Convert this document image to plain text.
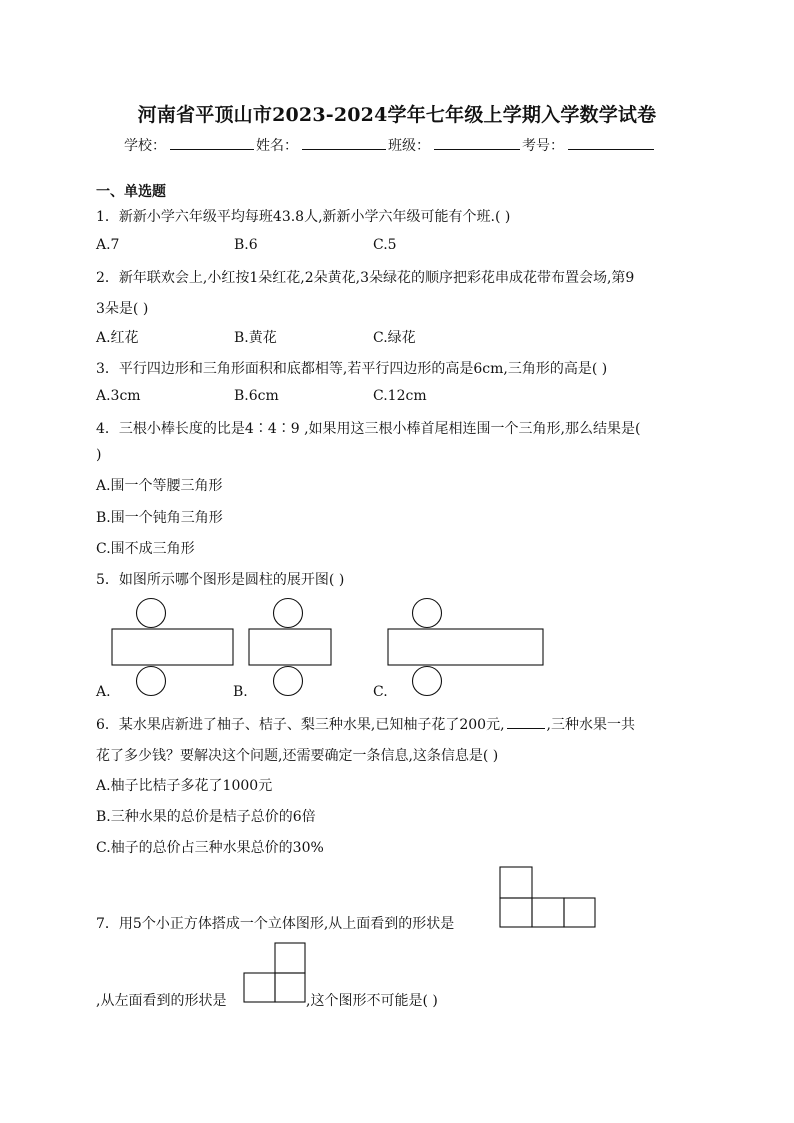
河南省平顶山市2023-2024学年七年级上学期入学数学试卷
学校：	姓名：	班级：	考号：
一、单选题
1．新新小学六年级平均每班43.8人,新新小学六年级可能有个班.( )
A.7	B.6	C.5
2．新年联欢会上,小红按1朵红花,2朵黄花,3朵绿花的顺序把彩花串成花带布置会场,第9
3朵是( )
A.红花	B.黄花	C.绿花
3．平行四边形和三角形面积和底都相等,若平行四边形的高是6cm,三角形的高是( )
A.3cm	B.6cm	C.12cm
4．三根小棒长度的比是4∶4∶9 ,如果用这三根小棒首尾相连围一个三角形,那么结果是(
)
A.围一个等腰三角形
B.围一个钝角三角形
C.围不成三角形
5．如图所示哪个图形是圆柱的展开图( )
A.	B.	C.
6．某水果店新进了柚子、桔子、梨三种水果,已知柚子花了200元,	,三种水果一共
花了多少钱？要解决这个问题,还需要确定一条信息,这条信息是( )
A.柚子比桔子多花了1000元
B.三种水果的总价是桔子总价的6倍
C.柚子的总价占三种水果总价的30%
7．用5个小正方体搭成一个立体图形,从上面看到的形状是
,从左面看到的形状是	,这个图形不可能是( )
